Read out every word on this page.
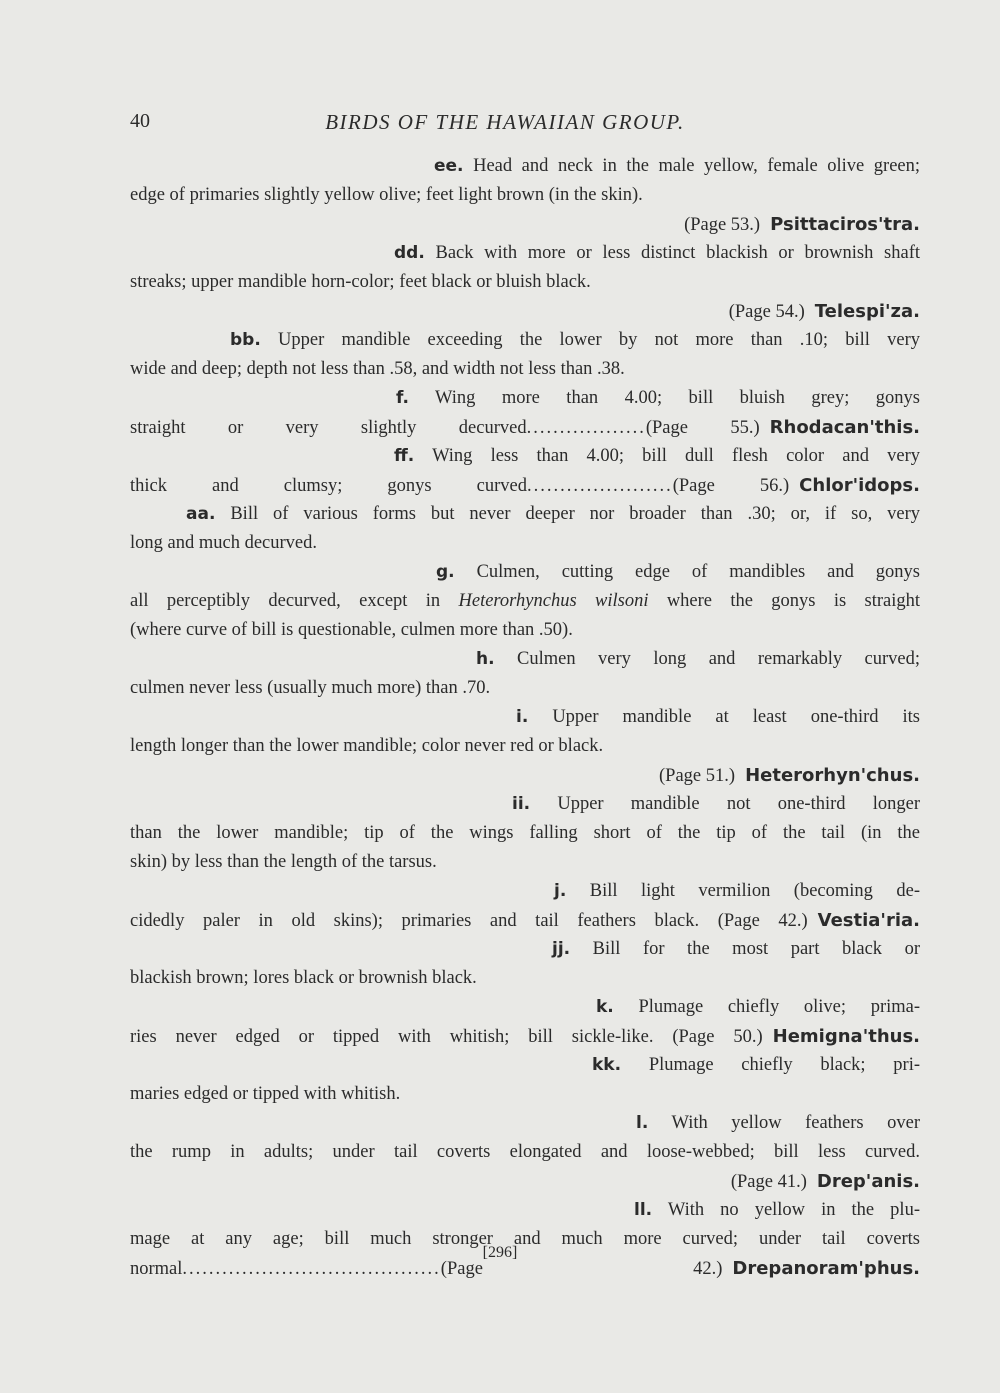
40	BIRDS OF THE HAWAIIAN GROUP.
ee. Head and neck in the male yellow, female olive green;
edge of primaries slightly yellow olive; feet light brown (in the skin).
(Page 53.) Psittaciros'tra.
dd. Back with more or less distinct blackish or brownish shaft
streaks; upper mandible horn-color; feet black or bluish black.
(Page 54.) Telespi'za.
bb. Upper mandible exceeding the lower by not more than .10; bill very
wide and deep; depth not less than .58, and width not less than .38.
f. Wing more than 4.00; bill bluish grey; gonys
straight or very slightly decurved..................(Page 55.) Rhodacan'this.
ff. Wing less than 4.00; bill dull flesh color and very
thick and clumsy; gonys curved......................(Page 56.) Chlor'idops.
aa. Bill of various forms but never deeper nor broader than .30; or, if so, very
long and much decurved.
g. Culmen, cutting edge of mandibles and gonys
all perceptibly decurved, except in Heterorhynchus wilsoni where the gonys is straight
(where curve of bill is questionable, culmen more than .50).
h. Culmen very long and remarkably curved;
culmen never less (usually much more) than .70.
i. Upper mandible at least one-third its
length longer than the lower mandible; color never red or black.
(Page 51.) Heterorhyn'chus.
ii. Upper mandible not one-third longer
than the lower mandible; tip of the wings falling short of the tip of the tail (in the
skin) by less than the length of the tarsus.
j. Bill light vermilion (becoming de-
cidedly paler in old skins); primaries and tail feathers black. (Page 42.) Vestia'ria.
jj. Bill for the most part black or
blackish brown; lores black or brownish black.
k. Plumage chiefly olive; prima-
ries never edged or tipped with whitish; bill sickle-like. (Page 50.) Hemigna'thus.
kk. Plumage chiefly black; pri-
maries edged or tipped with whitish.
l. With yellow feathers over
the rump in adults; under tail coverts elongated and loose-webbed; bill less curved.
(Page 41.) Drep'anis.
ll. With no yellow in the plu-
mage at any age; bill much stronger and much more curved; under tail coverts
normal.......................................(Page 42.) Drepanoram'phus.
[296]
